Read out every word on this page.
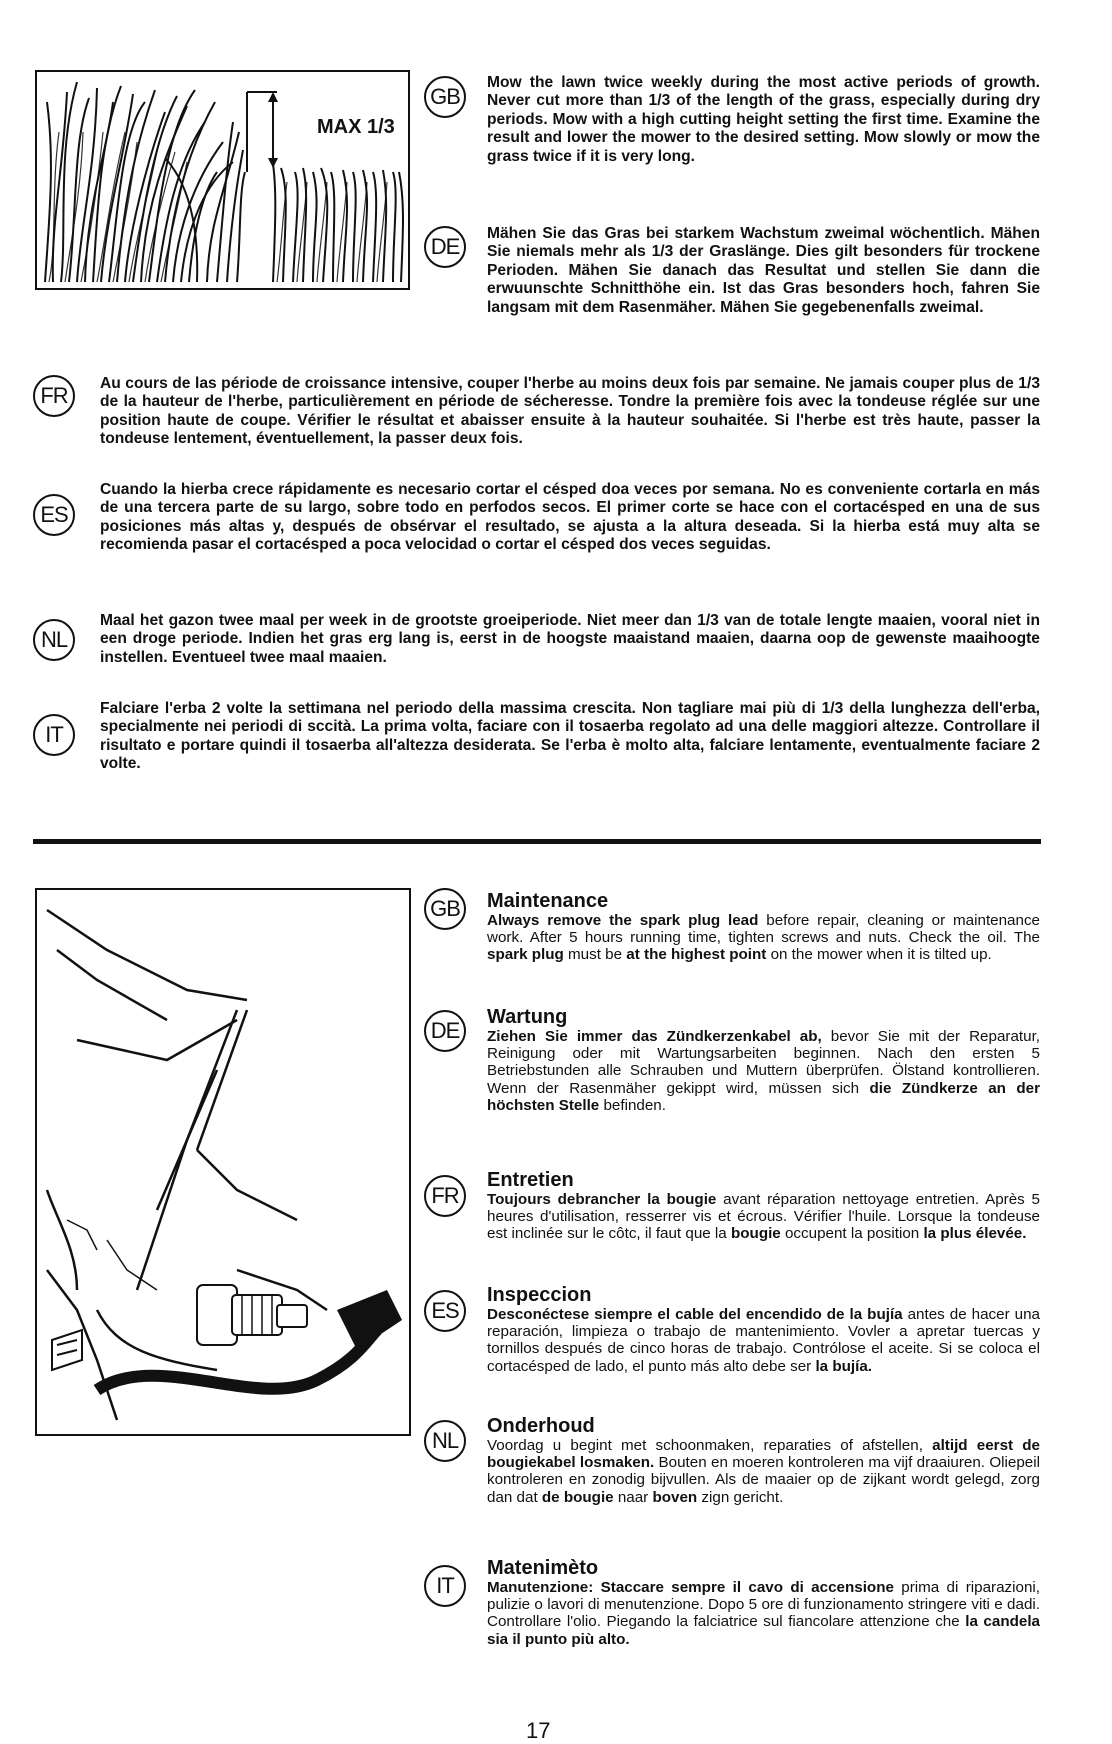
MAX 1/3
GB
Mow the lawn twice weekly during the most active periods of growth. Never cut more than 1/3 of the length of the grass, especially during dry periods. Mow with a high cutting height setting the first time. Examine the result and lower the mower to the desired setting. Mow slowly or mow the grass twice if it is very long.
DE
Mähen Sie das Gras bei starkem Wachstum zweimal wöchentlich. Mähen Sie niemals mehr als 1/3 der Graslänge. Dies gilt besonders für trockene Perioden. Mähen Sie danach das Resultat und stellen Sie dann die erwuunschte Schnitthöhe ein. Ist das Gras besonders hoch, fahren Sie langsam mit dem Rasenmäher. Mähen Sie gegebenenfalls zweimal.
FR	Au cours de las période de croissance intensive, couper l'herbe au moins deux fois par semaine. Ne jamais couper plus de 1/3 de la hauteur de l'herbe, particulièrement en période de sécheresse. Tondre la première fois avec la tondeuse réglée sur une position haute de coupe. Vérifier le résultat et abaisser ensuite à la hauteur souhaitée. Si l'herbe est très haute, passer la tondeuse lentement, éventuellement, la passer deux fois.
ES
Cuando la hierba crece rápidamente es necesario cortar el césped doa veces por semana. No es conveniente cortarla en más de una tercera parte de su largo, sobre todo en perfodos secos. El primer corte se hace con el cortacésped en una de sus posiciones más altas y, después de obsérvar el resultado, se ajusta a la altura deseada. Si la hierba está muy alta se recomienda pasar el cortacésped a poca velocidad o cortar el césped dos veces seguidas.
NL
Maal het gazon twee maal per week in de grootste groeiperiode. Niet meer dan 1/3 van de totale lengte maaien, vooral niet in een droge periode. Indien het gras erg lang is, eerst in de hoogste maaistand maaien, daarna oop de gewenste maaihoogte instellen. Eventueel twee maal maaien.
IT
Falciare l'erba 2 volte la settimana nel periodo della massima crescita. Non tagliare mai più di 1/3 della lunghezza dell'erba, specialmente nei periodi di sccità. La prima volta, faciare con il tosaerba regolato ad una delle maggiori altezze. Controllare il risultato e portare quindi il tosaerba all'altezza desiderata. Se l'erba è molto alta, falciare lentamente, eventualmente faciare 2 volte.
GB	Maintenance
Always remove the spark plug lead before repair, cleaning or maintenance work. After 5 hours running time, tighten screws and nuts. Check the oil. The spark plug must be at the highest point on the mower when it is tilted up.
DE
Wartung
Ziehen Sie immer das Zündkerzenkabel ab, bevor Sie mit der Reparatur, Reinigung oder mit Wartungsarbeiten beginnen. Nach den ersten 5 Betriebstunden alle Schrauben und Muttern überprüfen. Ölstand kontrollieren. Wenn der Rasenmäher gekippt wird, müssen sich die Zündkerze an der höchsten Stelle befinden.
FR
Entretien
Toujours debrancher la bougie avant réparation nettoyage entretien. Après 5 heures d'utilisation, resserrer vis et écrous. Vérifier l'huile. Lorsque la tondeuse est inclinée sur le côtc, il faut que la bougie occupent la position la plus élevée.
ES
Inspeccion
Desconéctese siempre el cable del encendido de la bujía antes de hacer una reparación, limpieza o trabajo de mantenimiento. Vovler a apretar tuercas y tornillos después de cinco horas de trabajo. Contrólose el aceite. Si se coloca el cortacésped de lado, el punto más alto debe ser la bujía.
NL
Onderhoud
Voordag u begint met schoonmaken, reparaties of afstellen, altijd eerst de bougiekabel losmaken. Bouten en moeren kontroleren ma vijf draaiuren. Oliepeil kontroleren en zonodig bijvullen. Als de maaier op de zijkant wordt gelegd, zorg dan dat de bougie naar boven zign gericht.
IT
Matenimèto
Manutenzione: Staccare sempre il cavo di accensione prima di riparazioni, pulizie o lavori di menutenzione. Dopo 5 ore di funzionamento stringere viti e dadi. Controllare l'olio. Piegando la falciatrice sul fiancolare attenzione che la candela sia il punto più alto.
17
